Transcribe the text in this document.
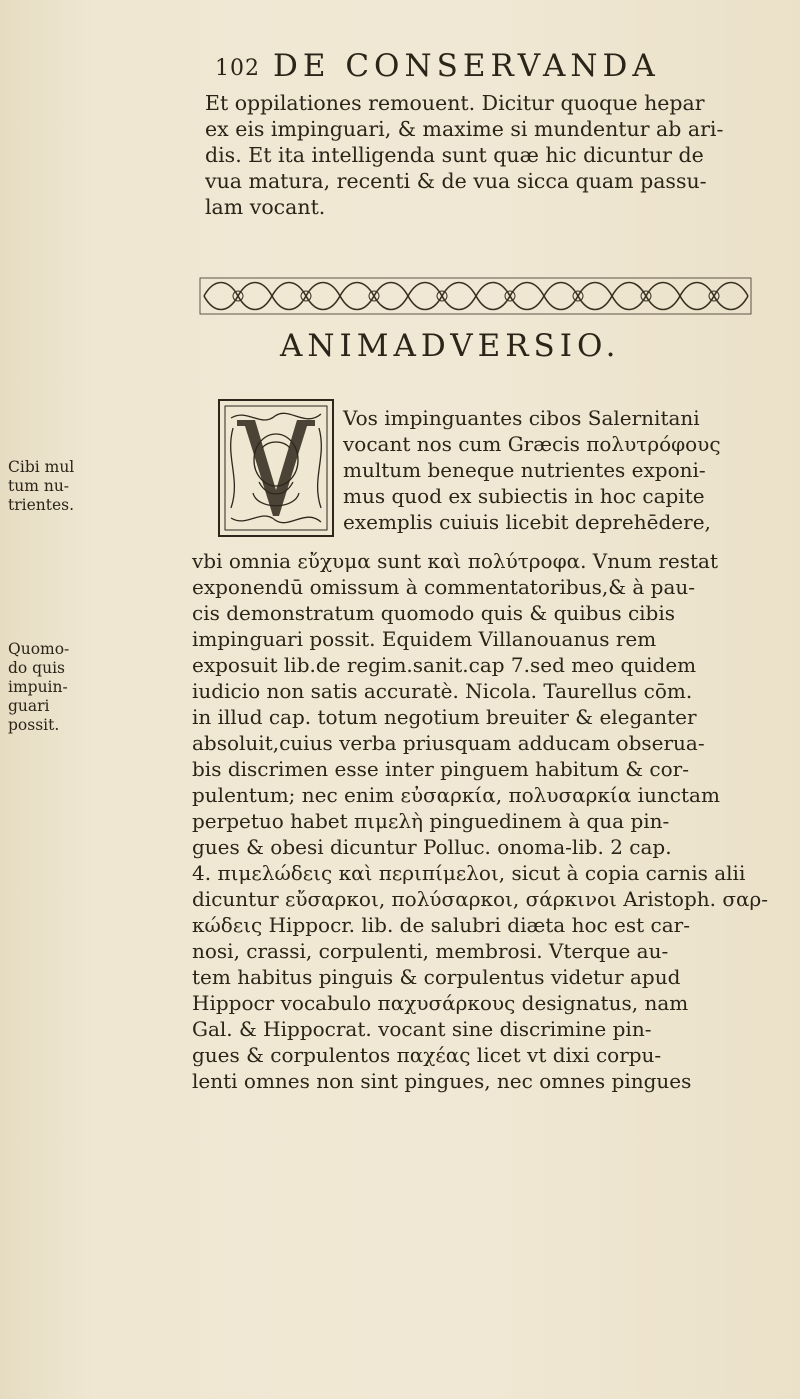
102 DE CONSERVANDA
Et oppilationes remouent. Dicitur quoque hepar
ex eis impinguari, & maxime si mundentur ab ari-
dis. Et ita intelligenda sunt quæ hic dicuntur de
vua matura, recenti & de vua sicca quam passu-
lam vocant.
ANIMADVERSIO.
Vos impinguantes cibos Salernitani
vocant nos cum Græcis πολυτρόφους
multum beneque nutrientes exponi-
mus quod ex subiectis in hoc capite
exemplis cuiuis licebit deprehēdere,
vbi omnia εὔχυμα sunt καὶ πολύτροφα. Vnum restat
exponendū omissum à commentatoribus,& à pau-
cis demonstratum quomodo quis & quibus cibis
impinguari possit. Equidem Villanouanus rem
exposuit lib.de regim.sanit.cap 7.sed meo quidem
iudicio non satis accuratè. Nicola. Taurellus cōm.
in illud cap. totum negotium breuiter & eleganter
absoluit,cuius verba priusquam adducam obserua-
bis discrimen esse inter pinguem habitum & cor-
pulentum; nec enim εὐσαρκία, πολυσαρκία iunctam
perpetuo habet πιμελὴ pinguedinem à qua pin-
gues & obesi dicuntur Polluc. onoma-lib. 2 cap.
4. πιμελώδεις καὶ περιπίμελοι, sicut à copia carnis alii
dicuntur εὔσαρκοι, πολύσαρκοι, σάρκινοι Aristoph. σαρ-
κώδεις Hippocr. lib. de salubri diæta hoc est car-
nosi, crassi, corpulenti, membrosi. Vterque au-
tem habitus pinguis & corpulentus videtur apud
Hippocr vocabulo παχυσάρκους designatus, nam
Gal. & Hippocrat. vocant sine discrimine pin-
gues & corpulentos παχέας licet vt dixi corpu-
lenti omnes non sint pingues, nec omnes pingues
Cibi mul
tum nu-
trientes.
Quomo-
do quis
impuin-
guari
possit.
